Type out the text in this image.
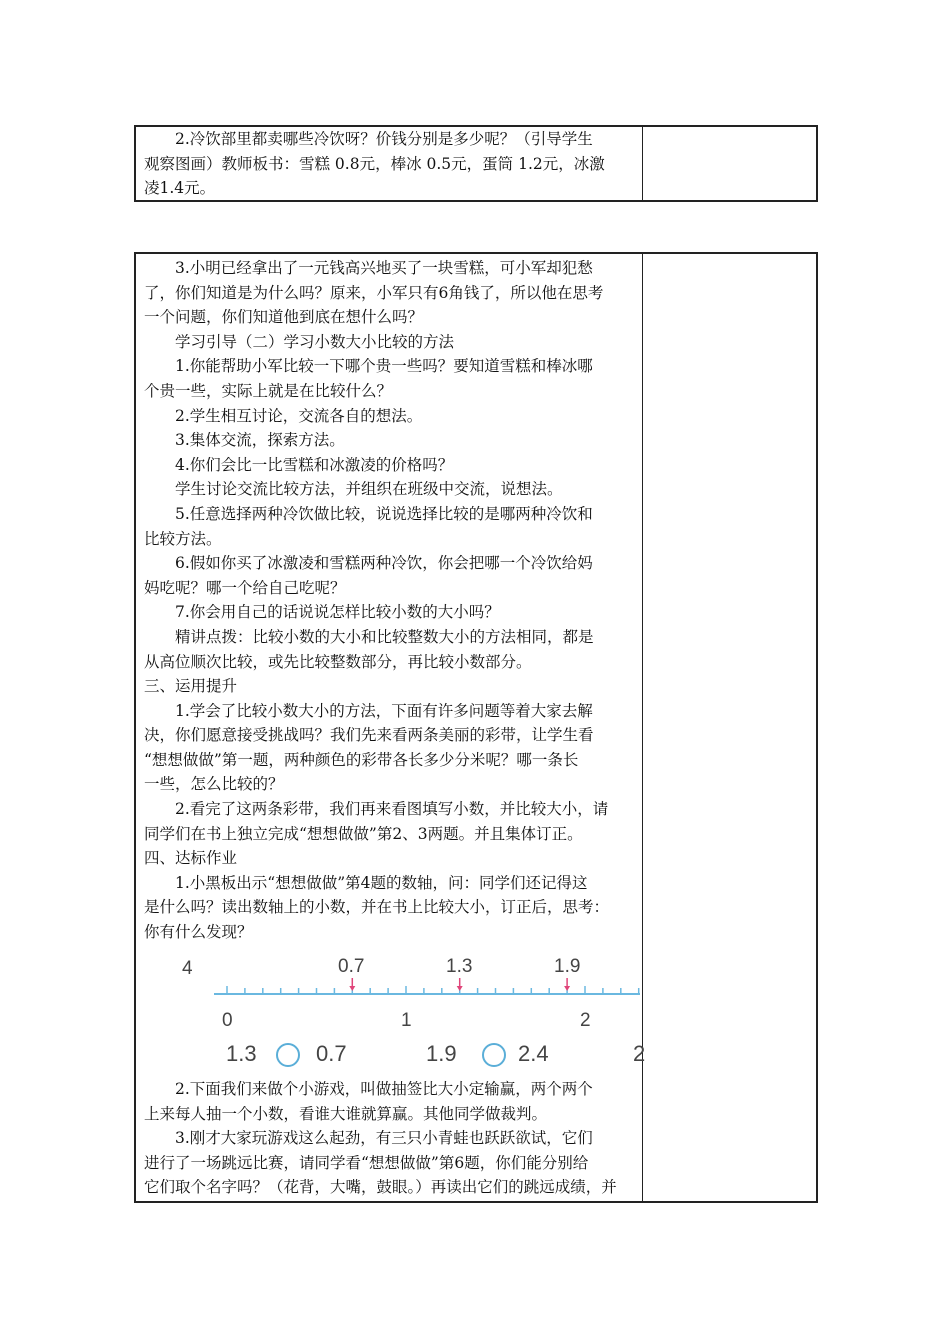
2.冷饮部里都卖哪些冷饮呀？价钱分别是多少呢？（引导学生
观察图画）教师板书：雪糕 0.8元，棒冰 0.5元，蛋筒 1.2元，冰激
凌1.4元。
3.小明已经拿出了一元钱高兴地买了一块雪糕，可小军却犯愁
了，你们知道是为什么吗？原来，小军只有6角钱了，所以他在思考
一个问题，你们知道他到底在想什么吗？
学习引导（二）学习小数大小比较的方法
1.你能帮助小军比较一下哪个贵一些吗？要知道雪糕和棒冰哪
个贵一些，实际上就是在比较什么？
2.学生相互讨论，交流各自的想法。
3.集体交流，探索方法。
4.你们会比一比雪糕和冰激凌的价格吗？
学生讨论交流比较方法，并组织在班级中交流，说想法。
5.任意选择两种冷饮做比较，说说选择比较的是哪两种冷饮和
比较方法。
6.假如你买了冰激凌和雪糕两种冷饮，你会把哪一个冷饮给妈
妈吃呢？哪一个给自己吃呢？
7.你会用自己的话说说怎样比较小数的大小吗？
精讲点拨：比较小数的大小和比较整数大小的方法相同，都是
从高位顺次比较，或先比较整数部分，再比较小数部分。
三、运用提升
1.学会了比较小数大小的方法，下面有许多问题等着大家去解
决，你们愿意接受挑战吗？我们先来看两条美丽的彩带，让学生看
“想想做做”第一题，两种颜色的彩带各长多少分米呢？哪一条长
一些，怎么比较的？
2.看完了这两条彩带，我们再来看图填写小数，并比较大小，请
同学们在书上独立完成“想想做做”第2、3两题。并且集体订正。
四、达标作业
1.小黑板出示“想想做做”第4题的数轴，问：同学们还记得这
是什么吗？读出数轴上的小数，并在书上比较大小，订正后，思考：
你有什么发现？
2.下面我们来做个小游戏，叫做抽签比大小定输赢，两个两个
上来每人抽一个小数，看谁大谁就算赢。其他同学做裁判。
3.刚才大家玩游戏这么起劲，有三只小青蛙也跃跃欲试，它们
进行了一场跳远比赛，请同学看“想想做做”第6题，你们能分别给
它们取个名字吗？（花背，大嘴，鼓眼。）再读出它们的跳远成绩，并
4	0.7	1.3	1.9
0	1	2
1.3	0.7	1.9	2.4	2
